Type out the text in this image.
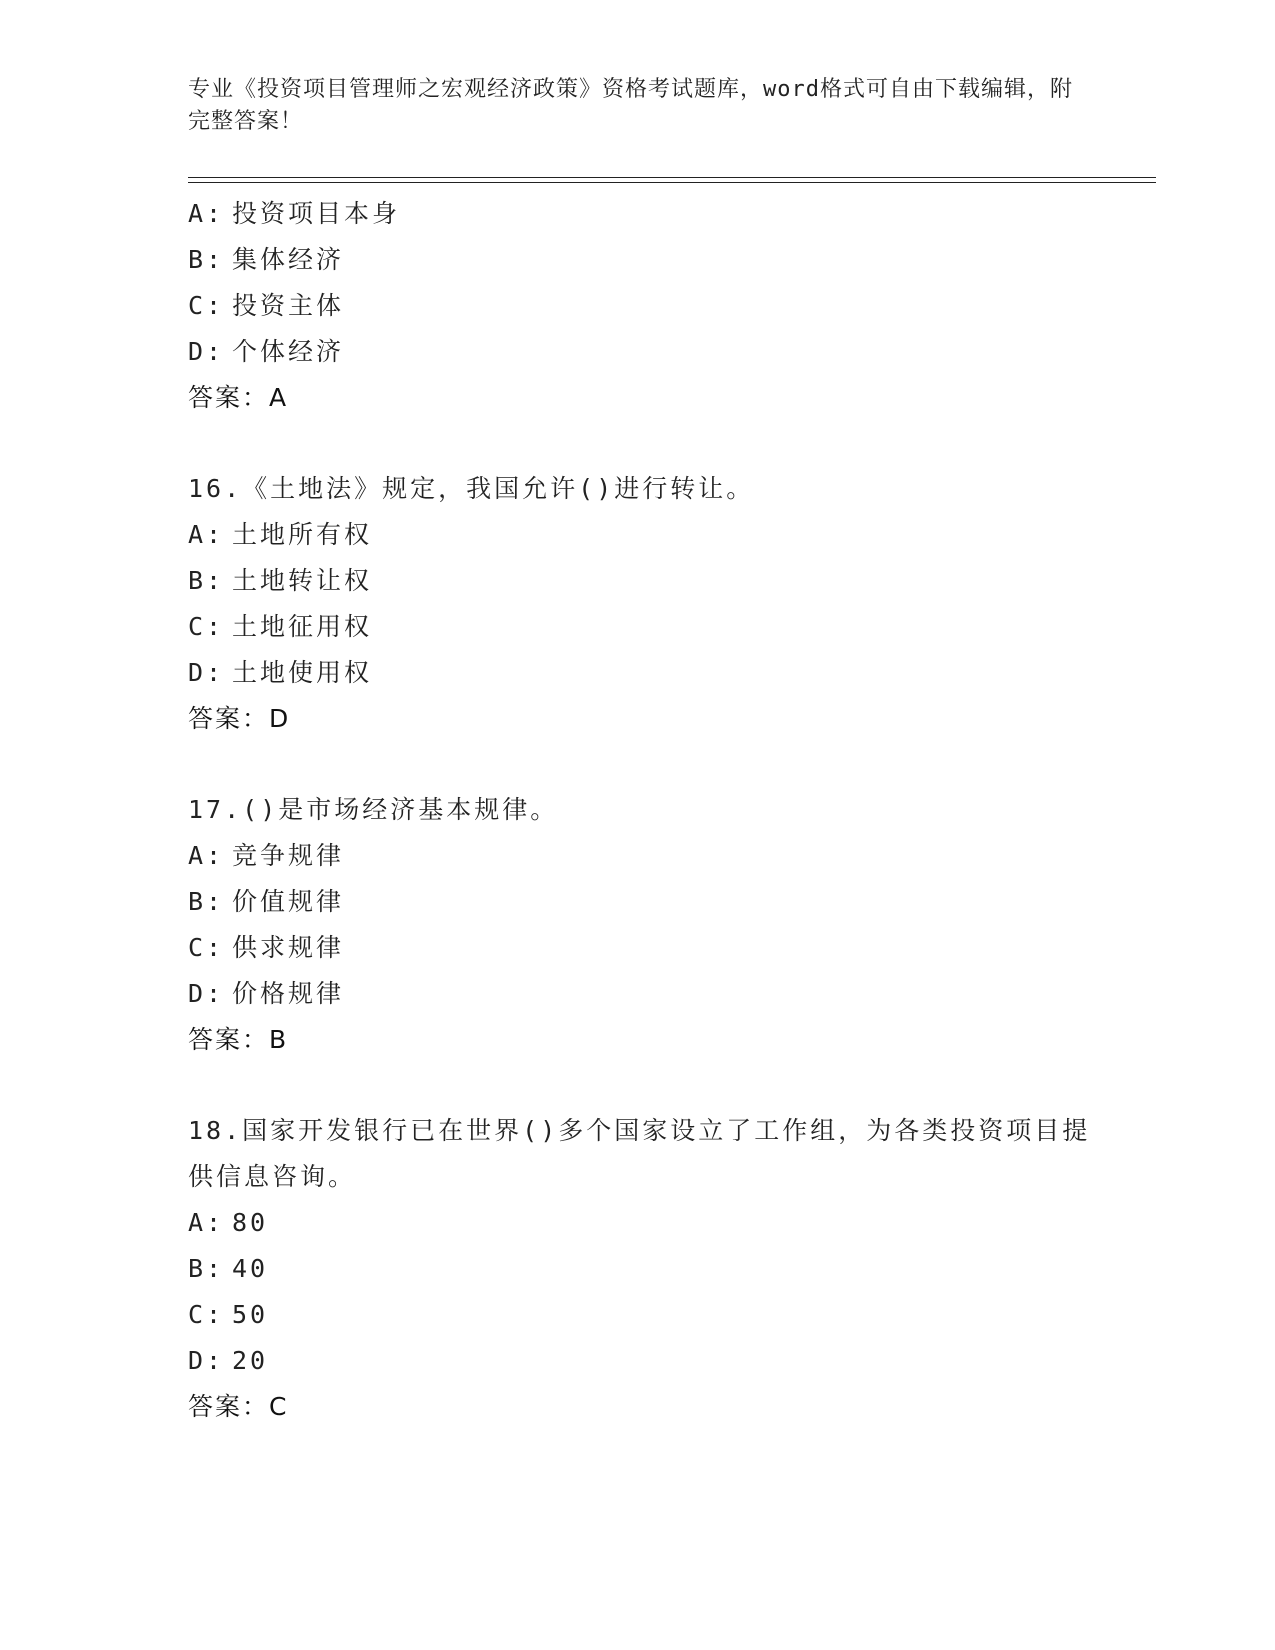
专业《投资项目管理师之宏观经济政策》资格考试题库，word格式可自由下载编辑，附完整答案！
A: 投资项目本身
B: 集体经济
C: 投资主体
D: 个体经济
答案：A
16.《土地法》规定，我国允许()进行转让。
A: 土地所有权
B: 土地转让权
C: 土地征用权
D: 土地使用权
答案：D
17.()是市场经济基本规律。
A: 竞争规律
B: 价值规律
C: 供求规律
D: 价格规律
答案：B
18.国家开发银行已在世界()多个国家设立了工作组，为各类投资项目提供信息咨询。
A: 80
B: 40
C: 50
D: 20
答案：C
